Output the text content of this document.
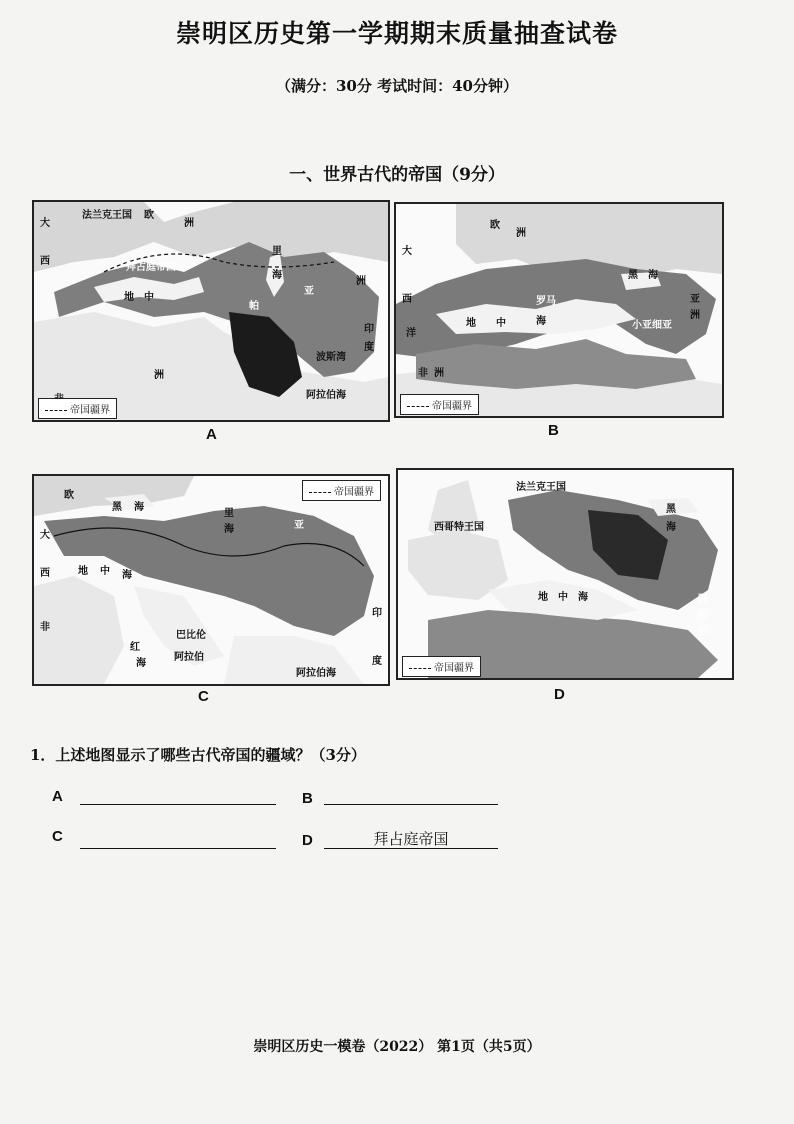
崇明区历史第一学期期末质量抽查试卷
（满分：30分 考试时间：40分钟）
一、世界古代的帝国（9分）
大
法兰克王国 欧
洲
拜占庭帝国
西
里
海
地 中
亚
洲
帕
度
印
波斯湾
阿拉伯海
洲
帝国疆界
A
欧
洲
大
西
洋
黑 海
地 中	海
罗马
小亚细亚
非 洲
亚
洲
帝国疆界
B
欧
黑 海
里
海
大
西	地 中 海
亚
巴比伦
红
海
阿拉伯
阿拉伯海
印
度
非
帝国疆界
C
法兰克王国
西哥特王国
黑
海
地 中 海	阿
拉
伯
帝国疆界
D
1．上述地图显示了哪些古代帝国的疆域？（3分）
A	B
C	D	拜占庭帝国
崇明区历史一模卷（2022） 第1页（共5页）
